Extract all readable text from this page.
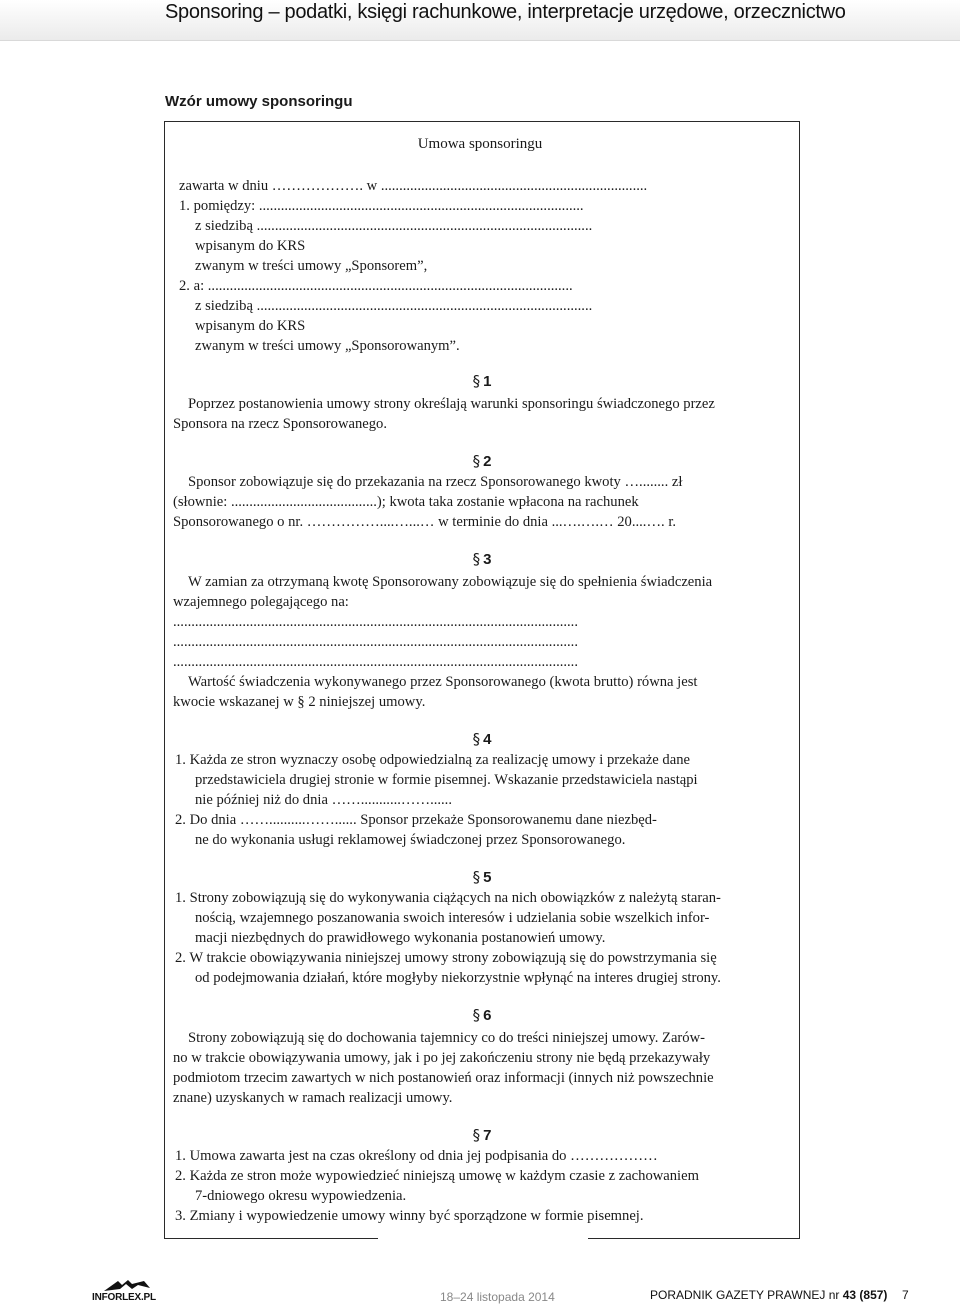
Sponsoring – podatki, księgi rachunkowe, interpretacje urzędowe, orzecznictwo
Wzór umowy sponsoringu
Umowa sponsoringu
zawarta w dniu ………………. w .........................................................................
1. pomiędzy: .........................................................................................
z siedzibą ............................................................................................
wpisanym do KRS
zwanym w treści umowy „Sponsorem”,
2. a: ....................................................................................................
z siedzibą ............................................................................................
wpisanym do KRS
zwanym w treści umowy „Sponsorowanym”.
§ 1
Poprzez postanowienia umowy strony określają warunki sponsoringu świadczonego przez
Sponsora na rzecz Sponsorowanego.
§ 2
Sponsor zobowiązuje się do przekazania na rzecz Sponsorowanego kwoty …........ zł
(słownie: ........................................); kwota taka zostanie wpłacona na rachunek
Sponsorowanego o nr. ……………....…...… w terminie do dnia ...….….… 20....…. r.
§ 3
W zamian za otrzymaną kwotę Sponsorowany zobowiązuje się do spełnienia świadczenia
wzajemnego polegającego na:
...............................................................................................................
...............................................................................................................
...............................................................................................................
Wartość świadczenia wykonywanego przez Sponsorowanego (kwota brutto) równa jest
kwocie wskazanej w § 2 niniejszej umowy.
§ 4
1. Każda ze stron wyznaczy osobę odpowiedzialną za realizację umowy i przekaże dane
przedstawiciela drugiej stronie w formie pisemnej. Wskazanie przedstawiciela nastąpi
nie później niż do dnia ……...........……......
2. Do dnia ……..........……...... Sponsor przekaże Sponsorowanemu dane niezbęd-
ne do wykonania usługi reklamowej świadczonej przez Sponsorowanego.
§ 5
1. Strony zobowiązują się do wykonywania ciążących na nich obowiązków z należytą staran-
nością, wzajemnego poszanowania swoich interesów i udzielania sobie wszelkich infor-
macji niezbędnych do prawidłowego wykonania postanowień umowy.
2. W trakcie obowiązywania niniejszej umowy strony zobowiązują się do powstrzymania się
od podejmowania działań, które mogłyby niekorzystnie wpłynąć na interes drugiej strony.
§ 6
Strony zobowiązują się do dochowania tajemnicy co do treści niniejszej umowy. Zarów-
no w trakcie obowiązywania umowy, jak i po jej zakończeniu strony nie będą przekazywały
podmiotom trzecim zawartych w nich postanowień oraz informacji (innych niż powszechnie
znane) uzyskanych w ramach realizacji umowy.
§ 7
1. Umowa zawarta jest na czas określony od dnia jej podpisania do ………………
2. Każda ze stron może wypowiedzieć niniejszą umowę w każdym czasie z zachowaniem
7-dniowego okresu wypowiedzenia.
3. Zmiany i wypowiedzenie umowy winny być sporządzone w formie pisemnej.
INFORLEX.PL	18–24 listopada 2014	PORADNIK GAZETY PRAWNEJ nr 43 (857) 7
